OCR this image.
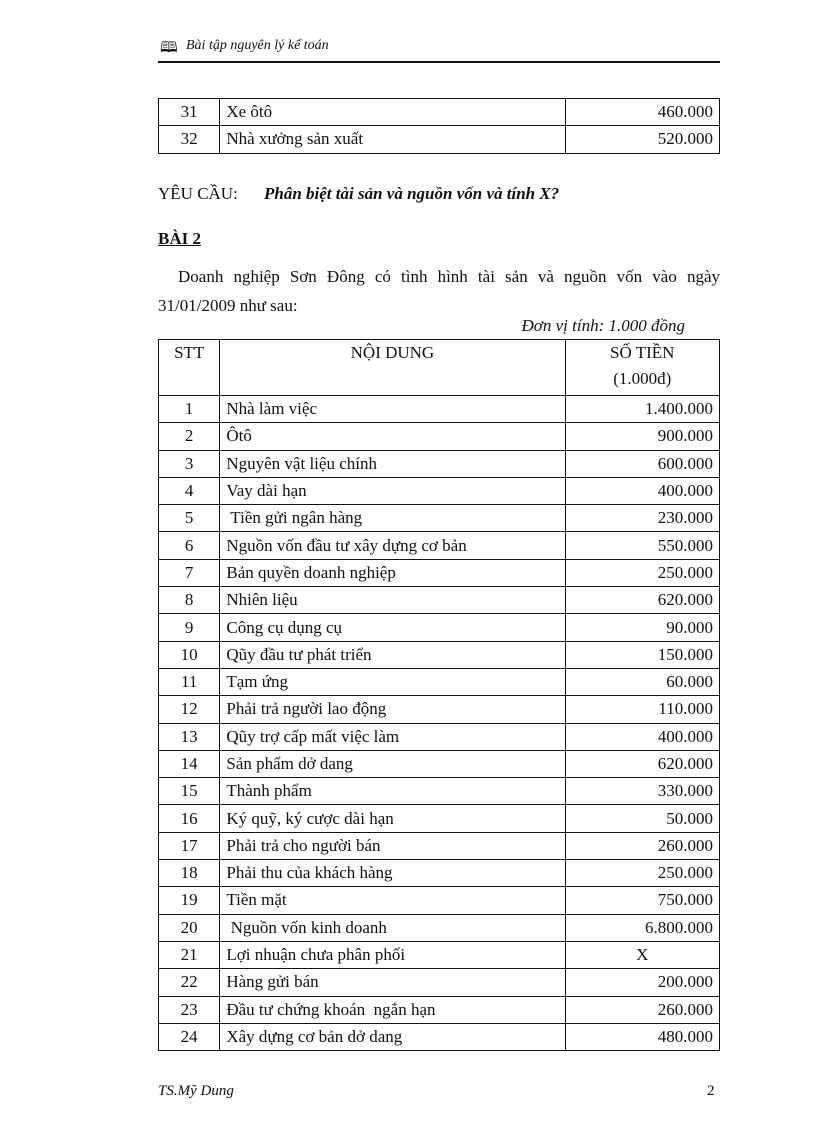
🕮 Bài tập nguyên lý kế toán
31	Xe ôtô	460.000
32	Nhà xưởng sản xuất	520.000
YÊU CẦU: Phân biệt tài sản và nguồn vốn và tính X?
BÀI 2
Doanh nghiệp Sơn Đông có tình hình tài sản và nguồn vốn vào ngày 31/01/2009 như sau:
Đơn vị tính: 1.000 đồng
STT	NỘI DUNG	SỐ TIỀN
(1.000đ)

1	Nhà làm việc	1.400.000
2	Ôtô	900.000
3	Nguyên vật liệu chính	600.000
4	Vay dài hạn	400.000
5	Tiền gửi ngân hàng	230.000
6	Nguồn vốn đầu tư xây dựng cơ bản	550.000
7	Bản quyền doanh nghiệp	250.000
8	Nhiên liệu	620.000
9	Công cụ dụng cụ	90.000
10	Qũy đầu tư phát triển	150.000
11	Tạm ứng	60.000
12	Phải trả người lao động	110.000
13	Qũy trợ cấp mất việc làm	400.000
14	Sản phẩm dở dang	620.000
15	Thành phẩm	330.000
16	Ký quỹ, ký cược dài hạn	50.000
17	Phải trả cho người bán	260.000
18	Phải thu của khách hàng	250.000
19	Tiền mặt	750.000
20	Nguồn vốn kinh doanh	6.800.000
21	Lợi nhuận chưa phân phối	X
22	Hàng gửi bán	200.000
23	Đầu tư chứng khoán  ngắn hạn	260.000
24	Xây dựng cơ bản dở dang	480.000
TS.Mỹ Dung	2
